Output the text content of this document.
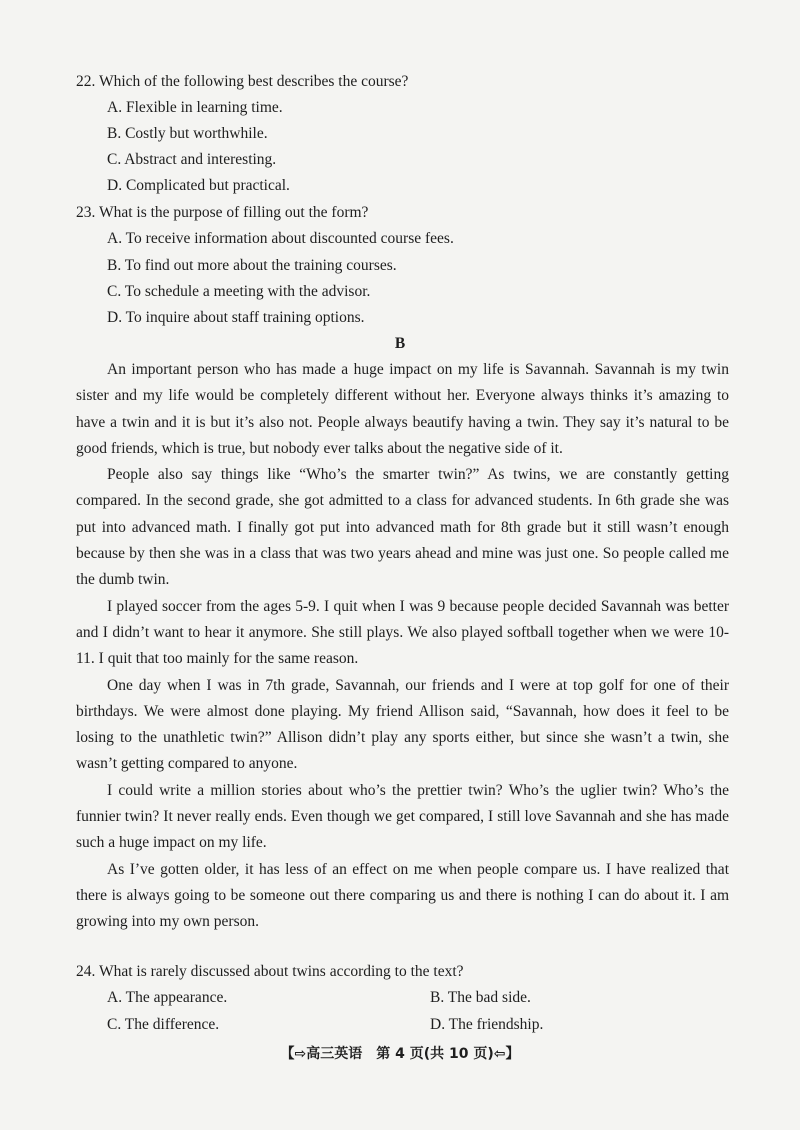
22. Which of the following best describes the course?
A. Flexible in learning time.
B. Costly but worthwhile.
C. Abstract and interesting.
D. Complicated but practical.
23. What is the purpose of filling out the form?
A. To receive information about discounted course fees.
B. To find out more about the training courses.
C. To schedule a meeting with the advisor.
D. To inquire about staff training options.
B

An important person who has made a huge impact on my life is Savannah. Savannah is my twin sister and my life would be completely different without her. Everyone always thinks it’s amazing to have a twin and it is but it’s also not. People always beautify having a twin. They say it’s natural to be good friends, which is true, but nobody ever talks about the negative side of it.

People also say things like “Who’s the smarter twin?” As twins, we are constantly getting compared. In the second grade, she got admitted to a class for advanced students. In 6th grade she was put into advanced math. I finally got put into advanced math for 8th grade but it still wasn’t enough because by then she was in a class that was two years ahead and mine was just one. So people called me the dumb twin.

I played soccer from the ages 5-9. I quit when I was 9 because people decided Savannah was better and I didn’t want to hear it anymore. She still plays. We also played softball together when we were 10-11. I quit that too mainly for the same reason.

One day when I was in 7th grade, Savannah, our friends and I were at top golf for one of their birthdays. We were almost done playing. My friend Allison said, “Savannah, how does it feel to be losing to the unathletic twin?” Allison didn’t play any sports either, but since she wasn’t a twin, she wasn’t getting compared to anyone.

I could write a million stories about who’s the prettier twin? Who’s the uglier twin? Who’s the funnier twin? It never really ends. Even though we get compared, I still love Savannah and she has made such a huge impact on my life.

As I’ve gotten older, it has less of an effect on me when people compare us. I have realized that there is always going to be someone out there comparing us and there is nothing I can do about it. I am growing into my own person.

24. What is rarely discussed about twins according to the text?
A. The appearance.	B. The bad side.
C. The difference.	D. The friendship.
【⇨高三英语　第 4 页(共 10 页)⇦】
